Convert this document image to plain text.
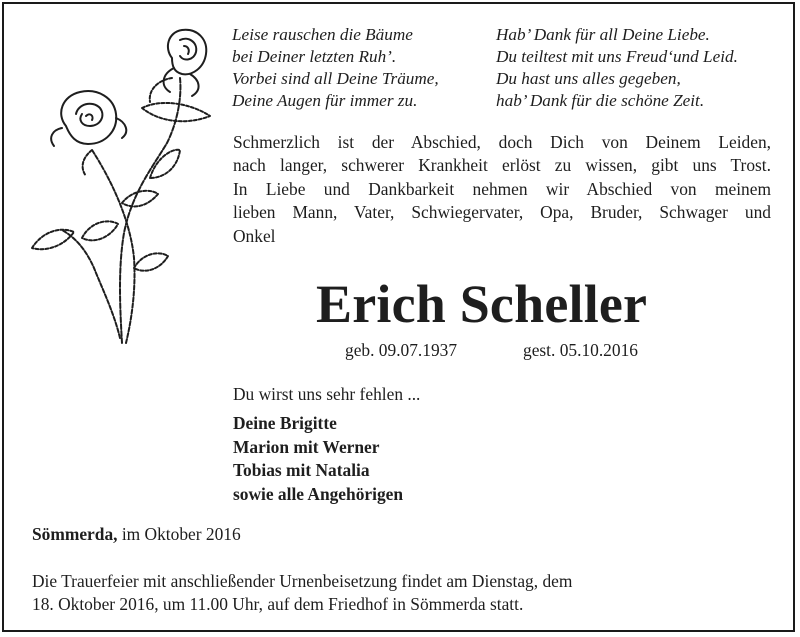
Leise rauschen die Bäume

bei Deiner letzten Ruh’.

Vorbei sind all Deine Träume,

Deine Augen für immer zu.

Hab’ Dank für all Deine Liebe.

Du teiltest mit uns Freud‘und Leid.

Du hast uns alles gegeben,

hab’ Dank für die schöne Zeit.

Schmerzlich ist der Abschied, doch Dich von Deinem Leiden,

nach langer, schwerer Krankheit erlöst zu wissen, gibt uns Trost.

In Liebe und Dankbarkeit nehmen wir Abschied von meinem

lieben Mann, Vater, Schwiegervater, Opa, Bruder, Schwager und

Onkel

Erich Scheller
geb. 09.07.1937	gest. 05.10.2016
Du wirst uns sehr fehlen ...

Deine Brigitte

Marion mit Werner

Tobias mit Natalia

sowie alle Angehörigen

Sömmerda, im Oktober 2016

Die Trauerfeier mit anschließender Urnenbeisetzung findet am Dienstag, dem

18. Oktober 2016, um 11.00 Uhr, auf dem Friedhof in Sömmerda statt.
